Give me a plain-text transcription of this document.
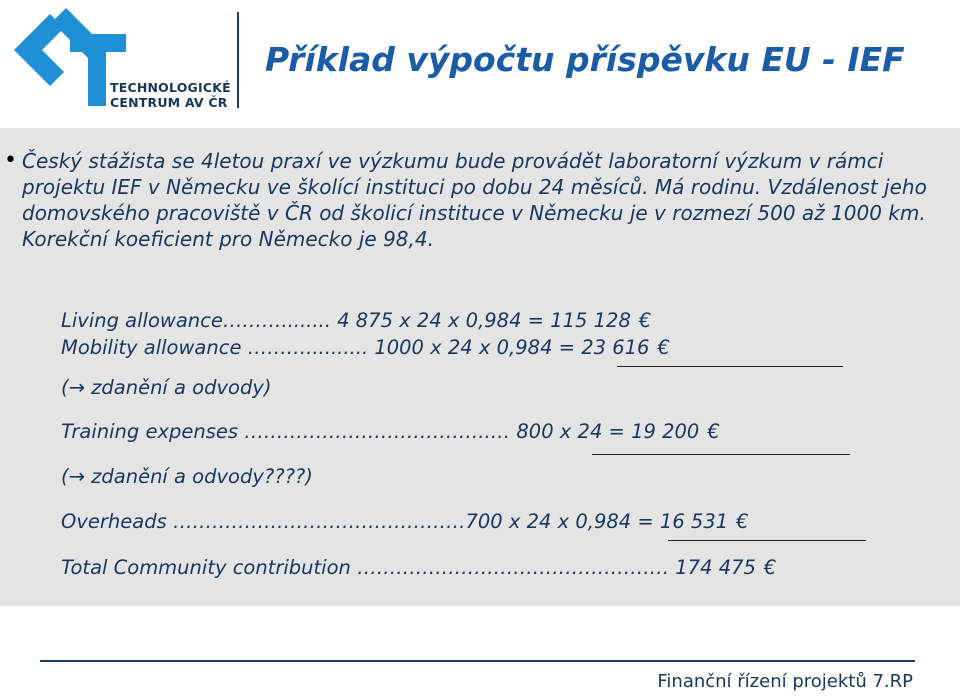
TECHNOLOGICKÉ
CENTRUM AV ČR
Příklad výpočtu příspěvku EU - IEF
• Český stážista se 4letou praxí ve výzkumu bude provádět laboratorní výzkum v rámci projektu IEF v Německu ve školící instituci po dobu 24 měsíců. Má rodinu. Vzdálenost jeho domovského pracoviště v ČR od školicí instituce v Německu je v rozmezí 500 až 1000 km. Korekční koeficient pro Německo je 98,4.

Living allowance………........ 4 875 x 24 x 0,984 = 115 128 €
Mobility allowance ……….......... 1000 x 24 x 0,984 = 23 616 €
(→ zdanění a odvody)
Training expenses ………………………………..… 800 x 24 = 19 200 €
(→ zdanění a odvody????)
Overheads ………………………………………700 x 24 x 0,984 = 16 531 €
Total Community contribution ………………………………………… 174 475 €
Finanční řízení projektů 7.RP
